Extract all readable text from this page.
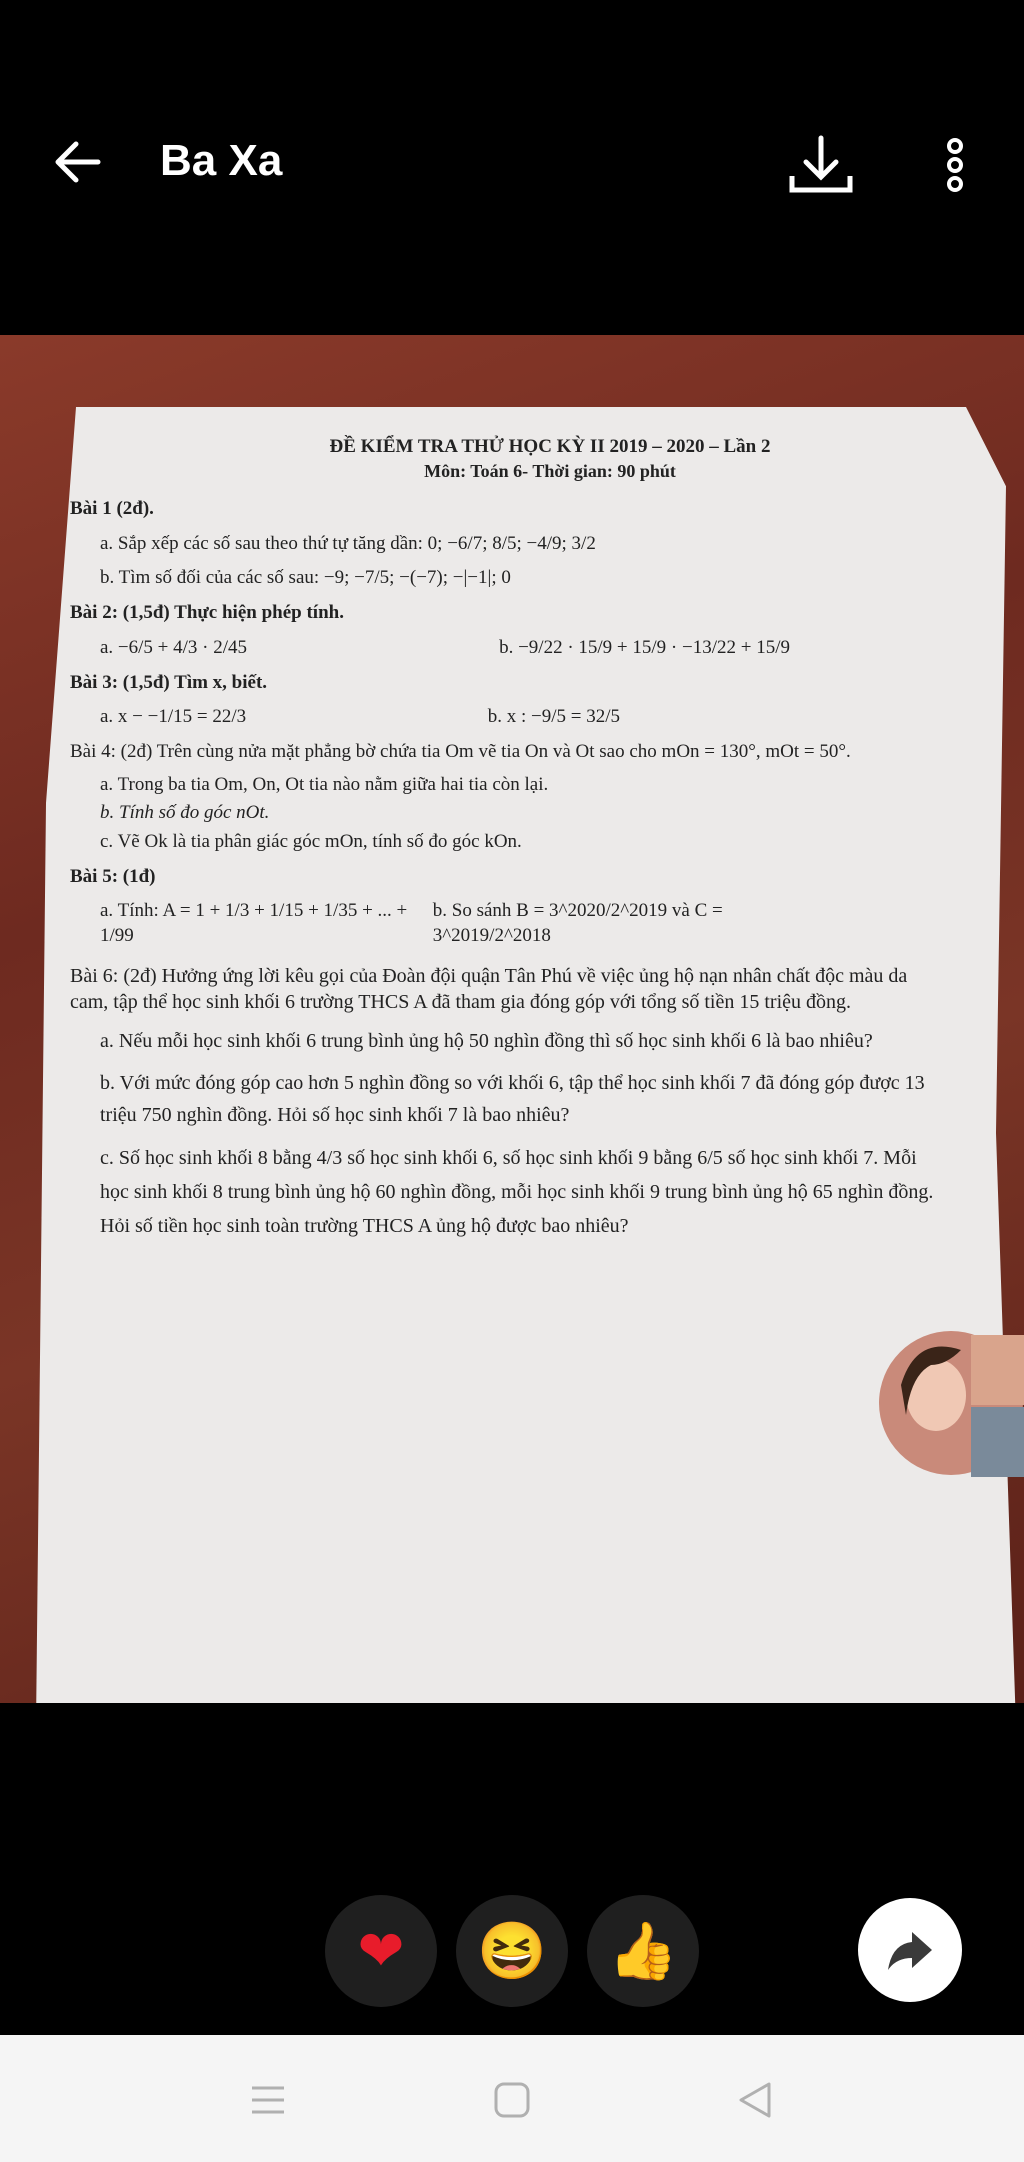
Ba Xa
ĐỀ KIỂM TRA THỬ HỌC KỲ II 2019 – 2020 – Lần 2
Môn: Toán 6- Thời gian: 90 phút
Bài 1 (2đ).
a. Sắp xếp các số sau theo thứ tự tăng dần: 0; −6/7; 8/5; −4/9; 3/2
b. Tìm số đối của các số sau: −9; −7/5; −(−7); −|−1|; 0
Bài 2: (1,5đ) Thực hiện phép tính.
a. −6/5 + 4/3 · 2/45	b. −9/22 · 15/9 + 15/9 · −13/22 + 15/9
Bài 3: (1,5đ) Tìm x, biết.
a. x − −1/15 = 22/3	b. x : −9/5 = 32/5

Bài 4: (2đ) Trên cùng nửa mặt phẳng bờ chứa tia Om vẽ tia On và Ot sao cho mOn = 130°, mOt = 50°.

a. Trong ba tia Om, On, Ot tia nào nằm giữa hai tia còn lại.
b. Tính số đo góc nOt.
c. Vẽ Ok là tia phân giác góc mOn, tính số đo góc kOn.
Bài 5: (1đ)
a. Tính: A = 1 + 1/3 + 1/15 + 1/35 + ... + 1/99
b. So sánh B = 3^2020/2^2019 và C = 3^2019/2^2018

Bài 6: (2đ) Hưởng ứng lời kêu gọi của Đoàn đội quận Tân Phú về việc ủng hộ nạn nhân chất độc màu da cam, tập thể học sinh khối 6 trường THCS A đã tham gia đóng góp với tổng số tiền 15 triệu đồng.

a. Nếu mỗi học sinh khối 6 trung bình ủng hộ 50 nghìn đồng thì số học sinh khối 6 là bao nhiêu?
b. Với mức đóng góp cao hơn 5 nghìn đồng so với khối 6, tập thể học sinh khối 7 đã đóng góp được 13 triệu 750 nghìn đồng. Hỏi số học sinh khối 7 là bao nhiêu?
c. Số học sinh khối 8 bằng 4/3 số học sinh khối 6, số học sinh khối 9 bằng 6/5 số học sinh khối 7. Mỗi học sinh khối 8 trung bình ủng hộ 60 nghìn đồng, mỗi học sinh khối 9 trung bình ủng hộ 65 nghìn đồng. Hỏi số tiền học sinh toàn trường THCS A ủng hộ được bao nhiêu?
❤ 😆 👍
